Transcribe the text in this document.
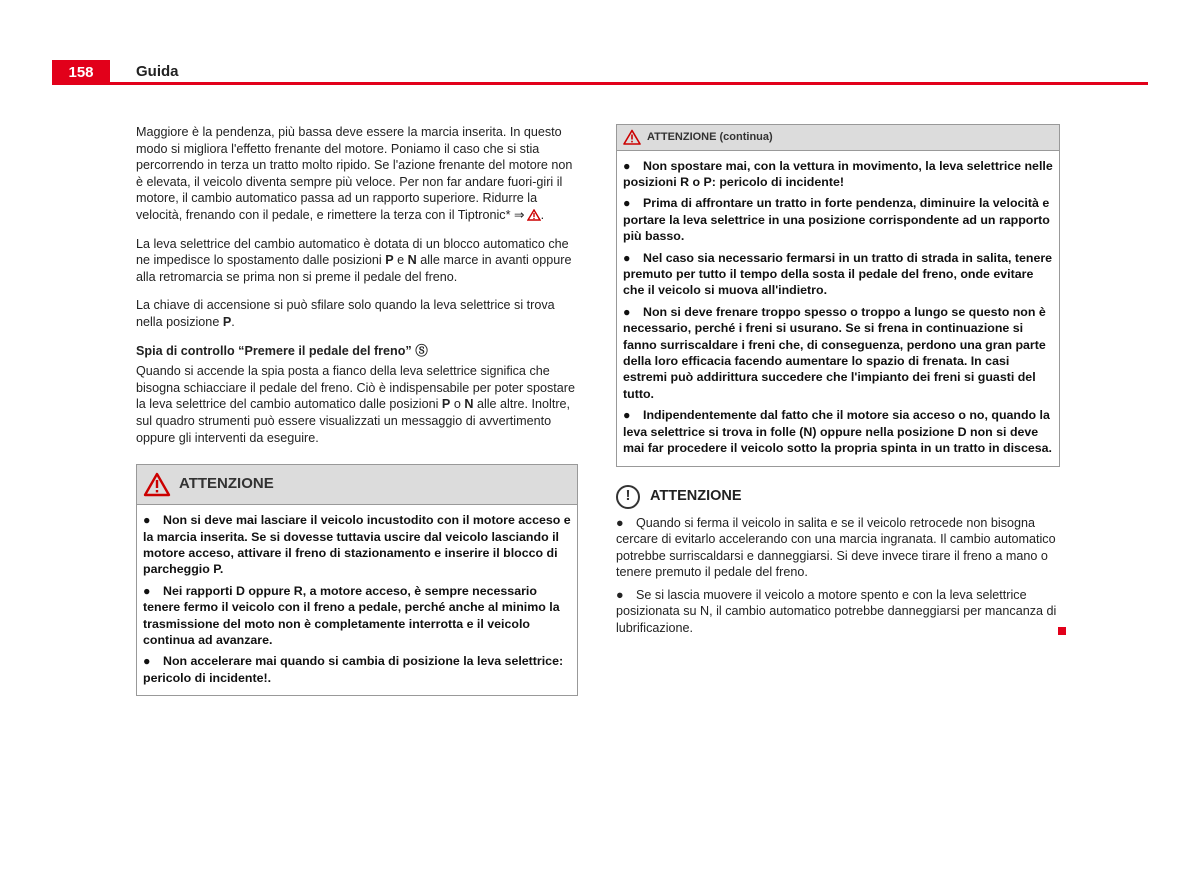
158	Guida

Maggiore è la pendenza, più bassa deve essere la marcia inserita. In questo modo si migliora l'effetto frenante del motore. Poniamo il caso che si stia percorrendo in terza un tratto molto ripido. Se l'azione frenante del motore non è elevata, il veicolo diventa sempre più veloce. Per non far andare fuori-giri il motore, il cambio automatico passa ad un rapporto superiore. Ridurre la velocità, frenando con il pedale, e rimettere la terza con il Tiptronic* ⇒ .

La leva selettrice del cambio automatico è dotata di un blocco automatico che ne impedisce lo spostamento dalle posizioni P e N alle marce in avanti oppure alla retromarcia se prima non si preme il pedale del freno.

La chiave di accensione si può sfilare solo quando la leva selettrice si trova nella posizione P.

Spia di controllo “Premere il pedale del freno” Ⓢ

Quando si accende la spia posta a fianco della leva selettrice significa che bisogna schiacciare il pedale del freno. Ciò è indispensabile per poter spostare la leva selettrice del cambio automatico dalle posizioni P o N alle altre. Inoltre, sul quadro strumenti può essere visualizzati un messaggio di avvertimento oppure gli interventi da eseguire.

ATTENZIONE
● Non si deve mai lasciare il veicolo incustodito con il motore acceso e la marcia inserita. Se si dovesse tuttavia uscire dal veicolo lasciando il motore acceso, attivare il freno di stazionamento e inserire il blocco di parcheggio P.
● Nei rapporti D oppure R, a motore acceso, è sempre necessario tenere fermo il veicolo con il freno a pedale, perché anche al minimo la trasmissione del moto non è completamente interrotta e il veicolo continua ad avanzare.
● Non accelerare mai quando si cambia di posizione la leva selettrice: pericolo di incidente!.
ATTENZIONE (continua)
● Non spostare mai, con la vettura in movimento, la leva selettrice nelle posizioni R o P: pericolo di incidente!
● Prima di affrontare un tratto in forte pendenza, diminuire la velocità e portare la leva selettrice in una posizione corrispondente ad un rapporto più basso.
● Nel caso sia necessario fermarsi in un tratto di strada in salita, tenere premuto per tutto il tempo della sosta il pedale del freno, onde evitare che il veicolo si muova all'indietro.
● Non si deve frenare troppo spesso o troppo a lungo se questo non è necessario, perché i freni si usurano. Se si frena in continuazione si fanno surriscaldare i freni che, di conseguenza, perdono una gran parte della loro efficacia facendo aumentare lo spazio di frenata. In casi estremi può addirittura succedere che l'impianto dei freni si guasti del tutto.
● Indipendentemente dal fatto che il motore sia acceso o no, quando la leva selettrice si trova in folle (N) oppure nella posizione D non si deve mai far procedere il veicolo sotto la propria spinta in un tratto in discesa.
!	ATTENZIONE
● Quando si ferma il veicolo in salita e se il veicolo retrocede non bisogna cercare di evitarlo accelerando con una marcia ingranata. Il cambio automatico potrebbe surriscaldarsi e danneggiarsi. Si deve invece tirare il freno a mano o tenere premuto il pedale del freno.
● Se si lascia muovere il veicolo a motore spento e con la leva selettrice posizionata su N, il cambio automatico potrebbe danneggiarsi per mancanza di lubrificazione.
